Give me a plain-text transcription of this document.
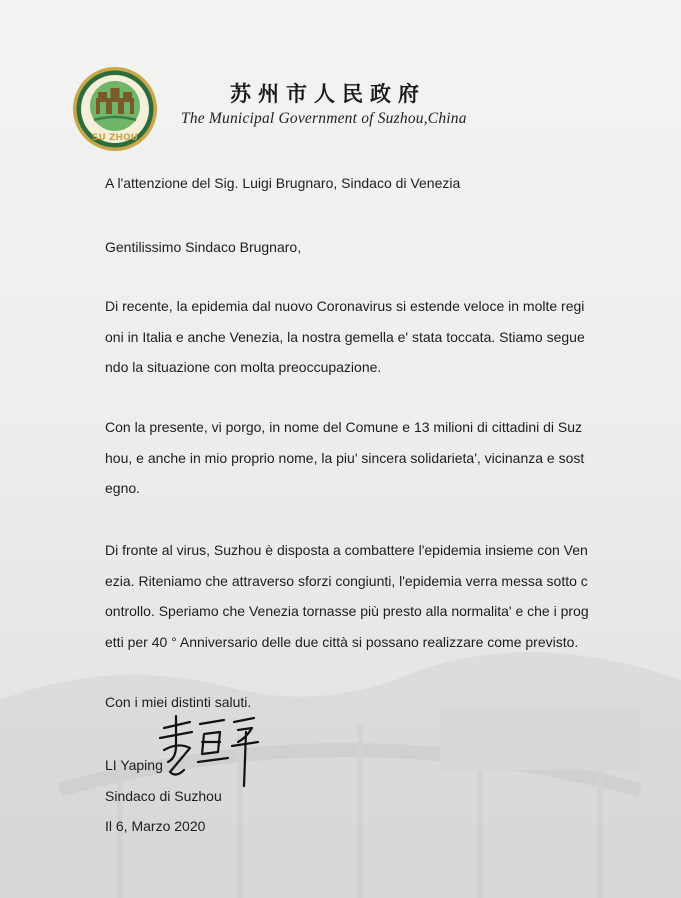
SU ZHOU
苏州市人民政府
The Municipal Government of Suzhou,China
A l'attenzione del Sig. Luigi Brugnaro, Sindaco di Venezia
Gentilissimo Sindaco Brugnaro,
Di recente, la epidemia dal nuovo Coronavirus si estende veloce in molte regi
oni in Italia e anche Venezia, la nostra gemella e' stata toccata. Stiamo segue
ndo la situazione con molta preoccupazione.
Con la presente, vi porgo, in nome del Comune e 13 milioni di cittadini di Suz
hou, e anche in mio proprio nome, la piu' sincera solidarieta', vicinanza e sost
egno.
Di fronte al virus, Suzhou è disposta a combattere l'epidemia insieme con Ven
ezia. Riteniamo che attraverso sforzi congiunti, l'epidemia verra messa sotto c
ontrollo. Speriamo che Venezia tornasse più presto alla normalita' e che i prog
etti per 40 ° Anniversario delle due città si possano realizzare come previsto.
Con i miei distinti saluti.
LI Yaping
Sindaco di Suzhou
Il 6, Marzo 2020
